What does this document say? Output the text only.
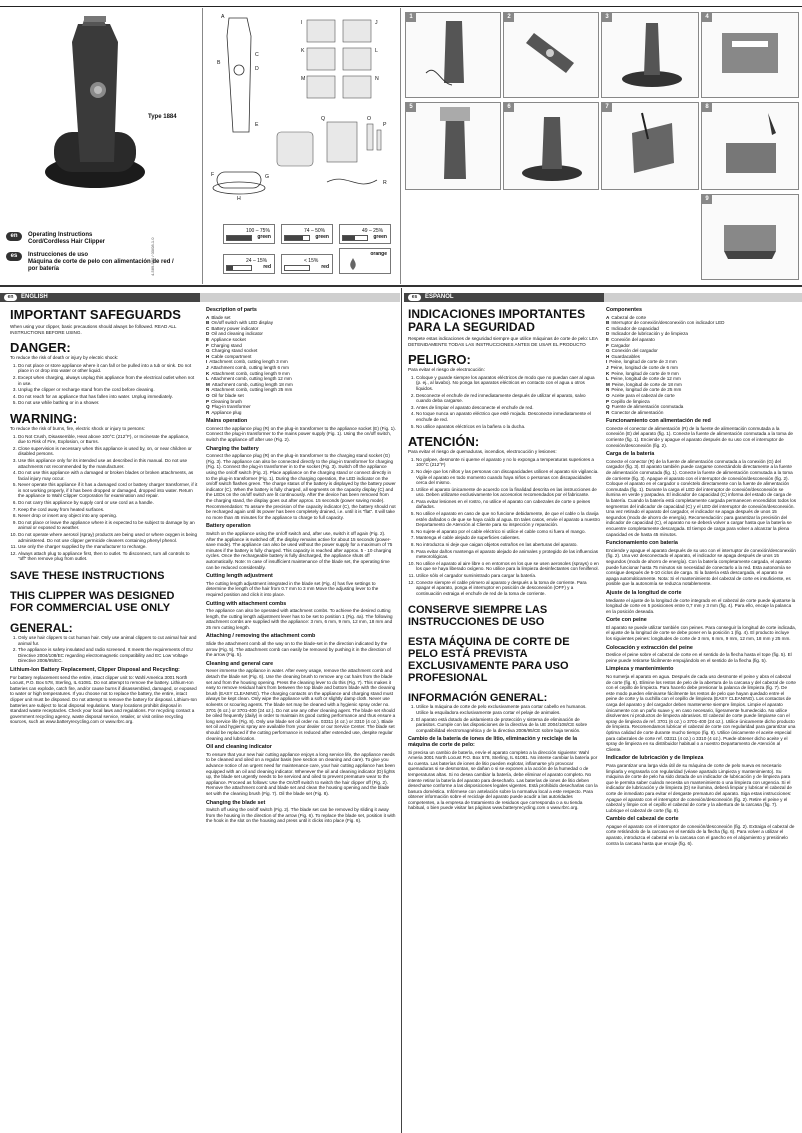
Type 1884
en Operating Instructions
Cord/Cordless Hair Clipper
es Instrucciones de uso
Máquina de corte de pelo con alimentación de red /
por batería	4-589-590 / 00/08-1.0
A
B
C
D
E
F	G
H
I	J
K	L
M	N
O
P
Q
R
100 – 75%
green
74 – 50%
green
49 – 25%
green
24 – 15%
red
< 15%
red
orange
1	2	3	4
5	6	7	8
9
en ENGLISH	es ESPAÑOL
IMPORTANT SAFEGUARDS

When using your clipper, basic precautions should always be followed. READ ALL INSTRUCTIONS BEFORE USING.

DANGER:

To reduce the risk of death or injury by electric shock:

1. Do not place or store appliance where it can fall or be pulled into a tub or sink. Do not place in or drop into water or other liquid.
2. Except when charging, always unplug this appliance from the electrical outlet when not in use.
3. Unplug the clipper or recharge stand from the cord before cleaning.
4. Do not reach for an appliance that has fallen into water. Unplug immediately.
5. Do not use while bathing or in a shower.
WARNING:

To reduce the risk of burns, fire, electric shock or injury to persons:

1. Do Not Crush, Disassemble, Heat above 100°C (212°F), or Incinerate the appliance, due to Risk of Fire, Explosion, or Burns.
2. Close supervision is necessary when this appliance is used by, on, or near children or disabled persons.
3. Use this appliance only for its intended use as described in this manual. Do not use attachments not recommended by the manufacturer.
4. Do not use this appliance with a damaged or broken blades or broken attachments, as facial injury may occur.
5. Never operate this appliance if it has a damaged cord or battery charger transformer, if it is not working properly, if it has been dropped or damaged, dropped into water. Return the appliance to Wahl Clipper Corporation for examination and repair.
6. Do not carry this appliance by supply cord or use cord as a handle.
7. Keep the cord away from heated surfaces.
8. Never drop or insert any object into any opening.
9. Do not place or leave the appliance where it is expected to be subject to damage by an animal or exposed to weather.
10. Do not operate where aerosol (spray) products are being used or where oxygen is being administered. Do not use clipper germicide cleaners containing phenyl phenol.
11. Use only the charger supplied by the manufacturer to recharge.
12. Always attach plug to appliance first, then to outlet. To disconnect, turn all controls to "off" then remove plug from outlet.
SAVE THESE INSTRUCTIONS
THIS CLIPPER WAS DESIGNED FOR COMMERCIAL USE ONLY
GENERAL:
1. Only use hair clippers to cut human hair. Only use animal clippers to cut animal hair and animal fur.
2. The appliance is safety insulated and radio screened. It meets the requirements of EU Directive 2004/108/EC regarding electromagnetic compatibility and EC Low Voltage Directive 2006/95/EC.
Lithium-Ion Battery Replacement, Clipper Disposal and Recycling:

For battery replacement send the entire, intact clipper unit to: Wahl America 3001 North Locust, P.O. Box 578, Sterling, IL 61081. Do not attempt to remove the battery. Lithium-Ion batteries can explode, catch fire, and/or cause burns if disassembled, damaged, or exposed to water or high temperatures. If you choose not to replace the battery, the entire, intact clipper unit must be disposed. Do not attempt to remove the battery for disposal. Lithium-Ion batteries are subject to local disposal regulations. Many locations prohibit disposal in standard waste receptacles. Check your local laws and regulations. For recycling contact a government recycling agency, waste disposal service, retailer, or visit online recycling sources, such as www.batteryrecycling.com or www.rbrc.org.

Description of parts
A Blade set
B On/off switch with LED display
C Battery power indicator
D Oil and cleaning indicator
E Appliance socket
F Charging stand
G Charging stand socket
H Cable compartment
I Attachment comb, cutting length 3 mm
J Attachment comb, cutting length 6 mm
K Attachment comb, cutting length 9 mm
L Attachment comb, cutting length 12 mm
M Attachment comb, cutting length 18 mm
N Attachment comb, cutting length 25 mm
O Oil for blade set
P Cleaning brush
Q Plug-in transformer
R Appliance plug
Mains operation

Connect the appliance plug (R) on the plug-in transformer to the appliance socket (E) (Fig. 1). Connect the plug-in transformer to the mains power supply (Fig. 1). Using the on/off switch, switch the appliance off after use (Fig. 2).

Charging the battery

Connect the appliance plug (R) on the plug-in transformer to the charging stand socket (G) (Fig. 3). The appliance can also be connected directly to the plug-in transformer for charging (Fig. 1). Connect the plug-in transformer in to the socket (Fig. 3). Switch off the appliance using the on/off switch (Fig. 2). Place appliance on the charging stand or connect directly in to the plug-in transformer (Fig. 1). During the charging operation, the LED indicator on the on/off switch flashes green. The charge status of the battery is displayed by the battery power indicator (C). When the battery is fully charged, all segments on the capacity display (C) and the LEDs on the on/off switch are lit continuously. After the device has been removed from the charging stand, the display goes out after approx. 15 seconds (power saving mode). Recommendation: To assure the precision of the capacity indicator (C), the battery should not be recharged again until its power has been completely drained, i.e. until it is "flat". It will take no more than 45 minutes for the appliance to charge to full capacity.

Battery operation

Switch on the appliance using the on/off switch and, after use, switch it off again (Fig. 2). After the appliance is switched off, the display remains active for about 15 seconds (power-save mode). The appliance can also be used without the power supply for a maximum of 75 minutes if the battery is fully charged. This capacity is reached after approx. 5 - 10 charging cycles. Once the rechargeable battery is fully discharged, the appliance shuts off automatically. Note: In case of insufficient maintenance of the blade set, the operating time can be reduced considerably.

Cutting length adjustment

The cutting length adjustment integrated in the blade set (Fig. 4) has five settings to determine the length of the hair from 0.7 mm to 3 mm Move the adjusting lever to the required position and click it into place.

Cutting with attachment combs

The appliance can also be operated with attachment combs. To achieve the desired cutting length, the cutting length adjustment lever has to be set to position 1 (Fig. 4a). The following attachment combs are supplied with the appliance: 3 mm, 6 mm, 9 mm, 12 mm, 18 mm and 25 mm cutting length.

Attaching / removing the attachment comb

Slide the attachment comb all the way on to the blade-set in the direction indicated by the arrow (Fig. 5). The attachment comb can easily be removed by pushing it in the direction of the arrow (Fig. 5).

Cleaning and general care

Never immerse the appliance in water. After every usage, remove the attachment comb and detach the blade set (Fig. 6). Use the cleaning brush to remove any cut hairs from the blade set and from the housing opening. Press the cleaning lever to do this (Fig. 7). This makes it easy to remove residual hairs from between the top blade and bottom blade with the cleaning brush (EASY CLEANING). The charging contacts on the appliance and charging stand must always be kept clean. Only wipe the appliance with a soft or slightly damp cloth. Never use solvents or scouring agents. The blade set may be cleaned with a hygienic spray order no. 3701 (6 oz.) or 3701-400 (24 oz.). Do not use any other cleaning agent. The blade set should be oiled frequently (daily) in order to maintain its good cutting performance and thus ensure a long service life (Fig. 8). Only use blade set oil order no. 03311 (4 oz.) or 3310 (4 oz.). Blade set oil and hygienic spray are available from your dealer or our Service Center. The blade set should be replaced if the cutting performance is reduced after extended use, despite regular cleaning and lubrication.

Oil and cleaning indicator

To ensure that your new hair cutting appliance enjoys a long service life, the appliance needs to be cleaned and oiled on a regular basis (see section on cleaning and care). To give you advance notice of an urgent need for maintenance care, your hair cutting appliance has been equipped with an oil and cleaning indicator. Whenever the oil and cleaning indicator (D) lights up, the blade set urgently needs to be serviced and oiled to prevent premature wear to the appliance. Proceed as follows: Use the On/Off switch to switch the hair clipper off (Fig. 2). Remove the attachment comb and blade set and clean the housing opening and the blade set with the cleaning brush (Fig. 7). Oil the blade set (Fig. 8).

Changing the blade set

Switch off using the on/off switch (Fig. 2). The blade set can be removed by sliding it away from the housing in the direction of the arrow (Fig. 6). To replace the blade set, position it with the hook in the slot on the housing and press until it clicks into place (Fig. 6).

INDICACIONES IMPORTANTES PARA LA SEGURIDAD

Respete estas indicaciones de seguridad siempre que utilice máquinas de corte de pelo: LEA DETENIDAMENTE TODAS LAS INSTRUCCIONES ANTES DE USAR EL PRODUCTO

PELIGRO:

Para evitar el riesgo de electrocución:

1. Coloque y guarde siempre los aparatos eléctricos de modo que no puedan caer al agua (p. ej., al lavabo). No ponga los aparatos eléctricos en contacto con el agua u otros líquidos.
2. Desconecte el enchufe de red inmediatamente después de utilizar el aparato, salvo cuando deba cargarse.
3. Antes de limpiar el aparato desconecte el enchufe de red.
4. No toque nunca un aparato eléctrico que esté mojado. Desconecte inmediatamente el enchufe de red.
5. No utilice aparatos eléctricos en la bañera o la ducha.
ATENCIÓN:

Para evitar el riesgo de quemaduras, incendios, electrocución y lesiones:

1. No golpee, desmonte ni queme el aparato y no lo exponga a temperaturas superiores a 100°C (212°F)
2. No deje que los niños y las personas con discapacidades utilicen el aparato sin vigilancia. Vigile el aparato en todo momento cuando haya niños o personas con discapacidades cerca del mismo.
3. Utilice el aparato únicamente de acuerdo con la finalidad descrita en las instrucciones de uso. Deben utilizarse exclusivamente los accesorios recomendados por el fabricante.
4. Para evitar lesiones en el rostro, no utilice el aparato con cabezales de corte o peines dañados.
5. No utilice el aparato en caso de que no funcione debidamente, de que el cable o la clavija estén dañados o de que se haya caído al agua. En tales casos, envíe el aparato a nuestro Departamento de Atención al Cliente para su inspección y reparación.
6. No sujete el aparato por el cable eléctrico ni utilice el cable como si fuera el mango.
7. Mantenga el cable alejado de superficies calientes.
8. No introduzca ni deje que caigan objetos extraños en las aberturas del aparato.
9. Para evitar daños mantenga el aparato alejado de animales y protegido de las influencias meteorológicas.
10. No utilice el aparato al aire libre o en entornos en los que se usen aerosoles (sprays) o en los que se haya liberado oxígeno. No utilice para la limpieza desinfectantes con fenilfenol.
11. Utilice sólo el cargador suministrado para cargar la batería.
12. Conecte siempre el cable primero al aparato y después a la toma de corriente. Para apagar el aparato, ponga el interruptor en posición de desconexión (OFF) y a continuación extraiga el enchufe de red de la toma de corriente.
CONSERVE SIEMPRE LAS INSTRUCCIONES DE USO
ESTA MÁQUINA DE CORTE DE PELO ESTÁ PREVISTA EXCLUSIVAMENTE PARA USO PROFESIONAL
INFORMACIÓN GENERAL:
1. Utilice la máquina de corte de pelo exclusivamente para cortar cabello en humanos. Utilice la esquiladora exclusivamente para cortar el pelaje de animales.
2. El aparato está dotado de aislamiento de protección y sistema de eliminación de parásitos. Cumple con las disposiciones de la directiva de la UE 2004/108/CE sobre compatibilidad electromagnética y de la directiva 2006/95/CE sobre baja tensión.
Cambio de la batería de iones de litio, eliminación y reciclaje de la máquina de corte de pelo:

Si precisa un cambio de batería, envíe el aparato completo a la dirección siguiente: Wahl Ameria 3001 North Locust P.O. Box 578, Sterling, IL 61081. No intente cambiar la batería por su cuenta. Las baterías de iones de litio pueden explotar, inflamarse y/o provocar quemaduras si se desmontan, se dañan o si se exponen a la acción de la humedad o de temperaturas altas. Si no desea cambiar la batería, debe eliminar el aparato completo. No intente retirar la batería del aparato para desecharlo. Las baterías de iones de litio deben desecharse conforme a las disposiciones legales vigentes. Está prohibido desecharlas con la basura doméstica. Infórmese con antelación sobre la normativa local a este respecto. Para obtener información sobre el reciclaje del aparato puede acudir a las autoridades competentes, a la empresa de tratamiento de residuos que corresponda o a su tienda habitual, o bien puede visitar las páginas www.batteryrecycling.com o www.rbrc.org.

Componentes
A Cabezal de corte
B Interruptor de conexión/desconexión con indicador LED
C Indicador de capacidad
D Indicador de lubricación y de limpieza
E Conexión del aparato
F Cargador
G Conexión del cargador
H Guardacables
I Peine, longitud de corte de 3 mm
J Peine, longitud de corte de 6 mm
K Peine, longitud de corte de 9 mm
L Peine, longitud de corte de 12 mm
M Peine, longitud de corte de 18 mm
N Peine, longitud de corte de 25 mm
O Aceite para el cabezal de corte
P Cepillo de limpieza
Q Fuente de alimentación conmutada
R Conector de alimentación
Funcionamiento con alimentación de red

Conecte el conector de alimentación (R) de la fuente de alimentación conmutada a la conexión (E) del aparato (fig. 1). Conecte la fuente de alimentación conmutada a la toma de corriente (fig. 1). Enciende y apague el aparato después de su uso con el interruptor de conexión/desconexión (fig. 2).

Carga de la batería

Conecte el conector (R) de la fuente de alimentación conmutada a la conexión (G) del cargador (fig. 3). El aparato también puede cargarse conectándolo directamente a la fuente de alimentación conmutada (fig. 1). Conecte la fuente de alimentación conmutada a la toma de corriente (fig. 3). Apague el aparato con el interruptor de conexión/desconexión (fig. 2). Coloque el aparato en el cargador o conéctelo directamente con la fuente de alimentación conmutada (fig. 1). Durante la carga el LED del interruptor de conexión/desconexión se ilumina en verde y parpadea. El indicador de capacidad (C) informa del estado de carga de la batería. Cuando la batería está completamente cargada permanecen encendidos todos los segmentos del indicador de capacidad (C) y el LED del interruptor de conexión/desconexión. Una vez retirado el aparato del cargador, el indicador se apaga después de unos 15 segundos (modo de ahorro de energía). Recomendación: para garantizar la precisión del indicador de capacidad (C), el aparato no se deberá volver a cargar hasta que la batería se encuentre completamente descargada. El tiempo de carga para volver a alcanzar la plena capacidad es de hasta 45 minutos.

Funcionamiento con batería

Enciende y apague el aparato después de su uso con el interruptor de conexión/desconexión (fig. 2). Una vez desconectado el aparato, el indicador se apaga después de unos 15 segundos (modo de ahorro de energía). Con la batería completamente cargada, el aparato puede funcionar hasta 75 minutos sin necesidad de conectarlo a la red. Esta autonomía se consigue después de 5-10 ciclos de carga. Si la batería está descargada, el aparato se apaga automáticamente. Nota: Si el mantenimiento del cabezal de corte es insuficiente, es posible que la autonomía se reduzca notablemente.

Ajuste de la longitud de corte

Mediante el ajuste de la longitud de corte integrado en el cabezal de corte puede ajustarse la longitud de corte en 5 posiciones entre 0,7 mm y 3 mm (fig. 4). Para ello, encaje la palanca en la posición deseada.

Corte con peine

El aparato se puede utilizar también con peines. Para conseguir la longitud de corte indicada, el ajuste de la longitud de corte se debe poner en la posición 1 (fig. 4). El producto incluye los siguientes peines: longitudes de corte de 3 mm, 6 mm, 9 mm, 12 mm, 18 mm y 25 mm.

Colocación y extracción del peine

Deslice el peine sobre el cabezal de corte en el sentido de la flecha hasta el tope (fig. 5). El peine puede retirarse fácilmente empujándolo en el sentido de la flecha (fig. 5).

Limpieza y mantenimiento

No sumerja el aparato en agua. Después de cada uso desmonte el peine y abra el cabezal de corte (fig. 6). Elimine los restos de pelo de la abertura de la carcasa y del cabezal de corte con el cepillo de limpieza. Para hacerlo debe presionar la palanca de limpieza (fig. 7). De este modo pueden eliminarse fácilmente los restos de pelo que hayan quedado entre el peine de corte y la cuchilla con el cepillo de limpieza (EASY CLEANING). Los contactos de carga del aparato y del cargador deben mantenerse siempre limpios. Limpie el aparato únicamente con un paño suave y, en caso necesario, ligeramente humedecido. No utilice disolventes ni productos de limpieza abrasivos. El cabezal de corte puede limpiarse con el spray de limpieza de ref. 3701 (6 oz.) o 3701-400 (24 oz.). Utilice únicamente dicho producto de limpieza. Recomendamos lubricar el cabezal de corte con regularidad para garantizar una óptima calidad de corte durante mucho tiempo (fig. 8). Utilice únicamente el aceite especial para cabezales de corte ref. 03311 (4 oz.) o 3310 (4 oz.). Puede obtener dicho aceite y el spray de limpieza en su distribuidor habitual o a nuestro Departamento de Atención al Cliente.

Indicador de lubricación y de limpieza

Para garantizar una larga vida útil de su máquina de corte de pelo nueva es necesario limpiarla y engrasarla con regularidad (véase apartado Limpieza y mantenimiento). Su máquina de corte de pelo ha sido dotada de un indicador de lubricación y de limpieza para que le permita saber cuándo necesita un mantenimiento o una limpieza con urgencia. Si el indicador de lubricación y de limpieza (D) se ilumina, deberá limpiar y lubricar el cabezal de corte de inmediato para evitar el desgaste prematuro del aparato. Siga estas instrucciones: Apague el aparato con el interruptor de conexión/desconexión (fig. 2). Retire el peine y el cabezal y limpie con el cepillo el cabezal de corte y la abertura de la carcasa (fig. 7). Lubrique el cabezal de corte (fig. 8).

Cambio del cabezal de corte

Apague el aparato con el interruptor de conexión/desconexión (fig. 2). Extraiga el cabezal de corte retirándolo de la carcasa en el sentido de la flecha (fig. 6). Para volver a utilizar el aparato, introduzca el cabezal en la carcasa con el gancho en el alojamiento y presiónelo contra la carcasa hasta que encaje (fig. 6).
